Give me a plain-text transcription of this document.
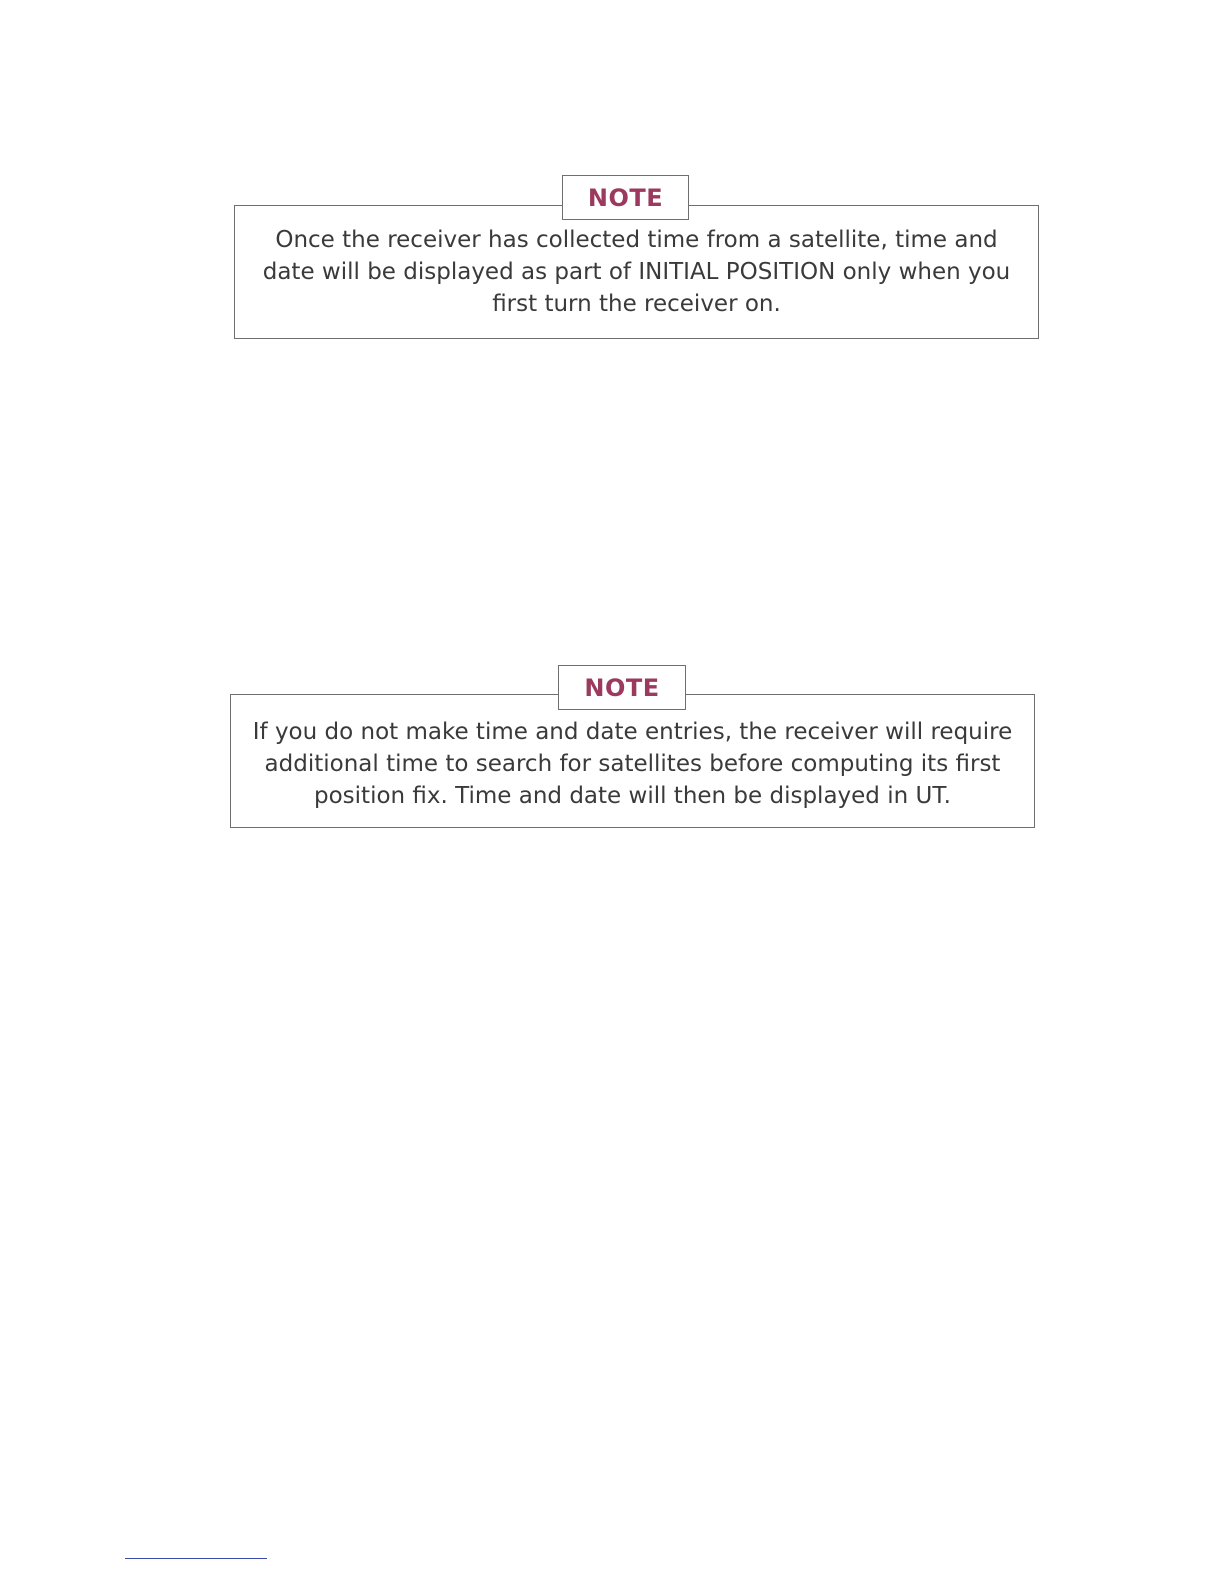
NOTE

Once the receiver has collected time from a satellite, time and date will be displayed as part of INITIAL POSITION only when you first turn the receiver on.

NOTE

If you do not make time and date entries, the receiver will require additional time to search for satellites before computing its first position fix. Time and date will then be displayed in UT.
